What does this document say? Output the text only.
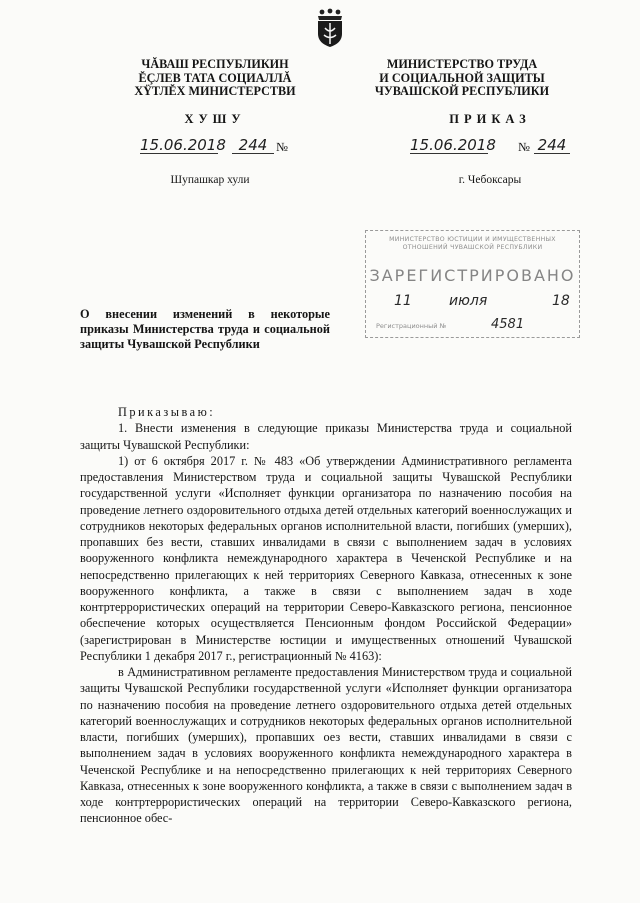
ЧĂВАШ РЕСПУБЛИКИН
ĔÇЛЕВ ТАТА СОЦИАЛЛĂ
ХŸТЛĔХ МИНИСТЕРСТВИ
МИНИСТЕРСТВО ТРУДА
И СОЦИАЛЬНОЙ ЗАЩИТЫ
ЧУВАШСКОЙ РЕСПУБЛИКИ
ХУШУ	ПРИКАЗ
15.06.2018 244 №	15.06.2018 № 244
Шупашкар хули	г. Чебоксары
МИНИСТЕРСТВО ЮСТИЦИИ И ИМУЩЕСТВЕННЫХ
ОТНОШЕНИЙ ЧУВАШСКОЙ РЕСПУБЛИКИ
ЗАРЕГИСТРИРОВАНО
11	июля	18
Регистрационный №	4581
О внесении изменений в некоторые приказы Министерства труда и социальной защиты Чувашской Республики

Приказываю:

1. Внести изменения в следующие приказы Министерства труда и социальной защиты Чувашской Республики:

1) от 6 октября 2017 г. № 483 «Об утверждении Административного регламента предоставления Министерством труда и социальной защиты Чувашской Республики государственной услуги «Исполняет функции организатора по назначению пособия на проведение летнего оздоровительного отдыха детей отдельных категорий военнослужащих и сотрудников некоторых федеральных органов исполнительной власти, погибших (умерших), пропавших без вести, ставших инвалидами в связи с выполнением задач в условиях вооруженного конфликта немеждународного характера в Чеченской Республике и на непосредственно прилегающих к ней территориях Северного Кавказа, отнесенных к зоне вооруженного конфликта, а также в связи с выполнением задач в ходе контртеррористических операций на территории Северо-Кавказского региона, пенсионное обеспечение которых осуществляется Пенсионным фондом Российской Федерации» (зарегистрирован в Министерстве юстиции и имущественных отношений Чувашской Республики 1 декабря 2017 г., регистрационный № 4163):

в Административном регламенте предоставления Министерством труда и социальной защиты Чувашской Республики государственной услуги «Исполняет функции организатора по назначению пособия на проведение летнего оздоровительного отдыха детей отдельных категорий военнослужащих и сотрудников некоторых федеральных органов исполнительной власти, погибших (умерших), пропавших оез вести, ставших инвалидами в связи с выполнением задач в условиях вооруженного конфликта немеждународного характера в Чеченской Республике и на непосредственно прилегающих к ней территориях Северного Кавказа, отнесенных к зоне вооруженного конфликта, а также в связи с выполнением задач в ходе контртеррористических операций на территории Северо-Кавказского региона, пенсионное обес-
